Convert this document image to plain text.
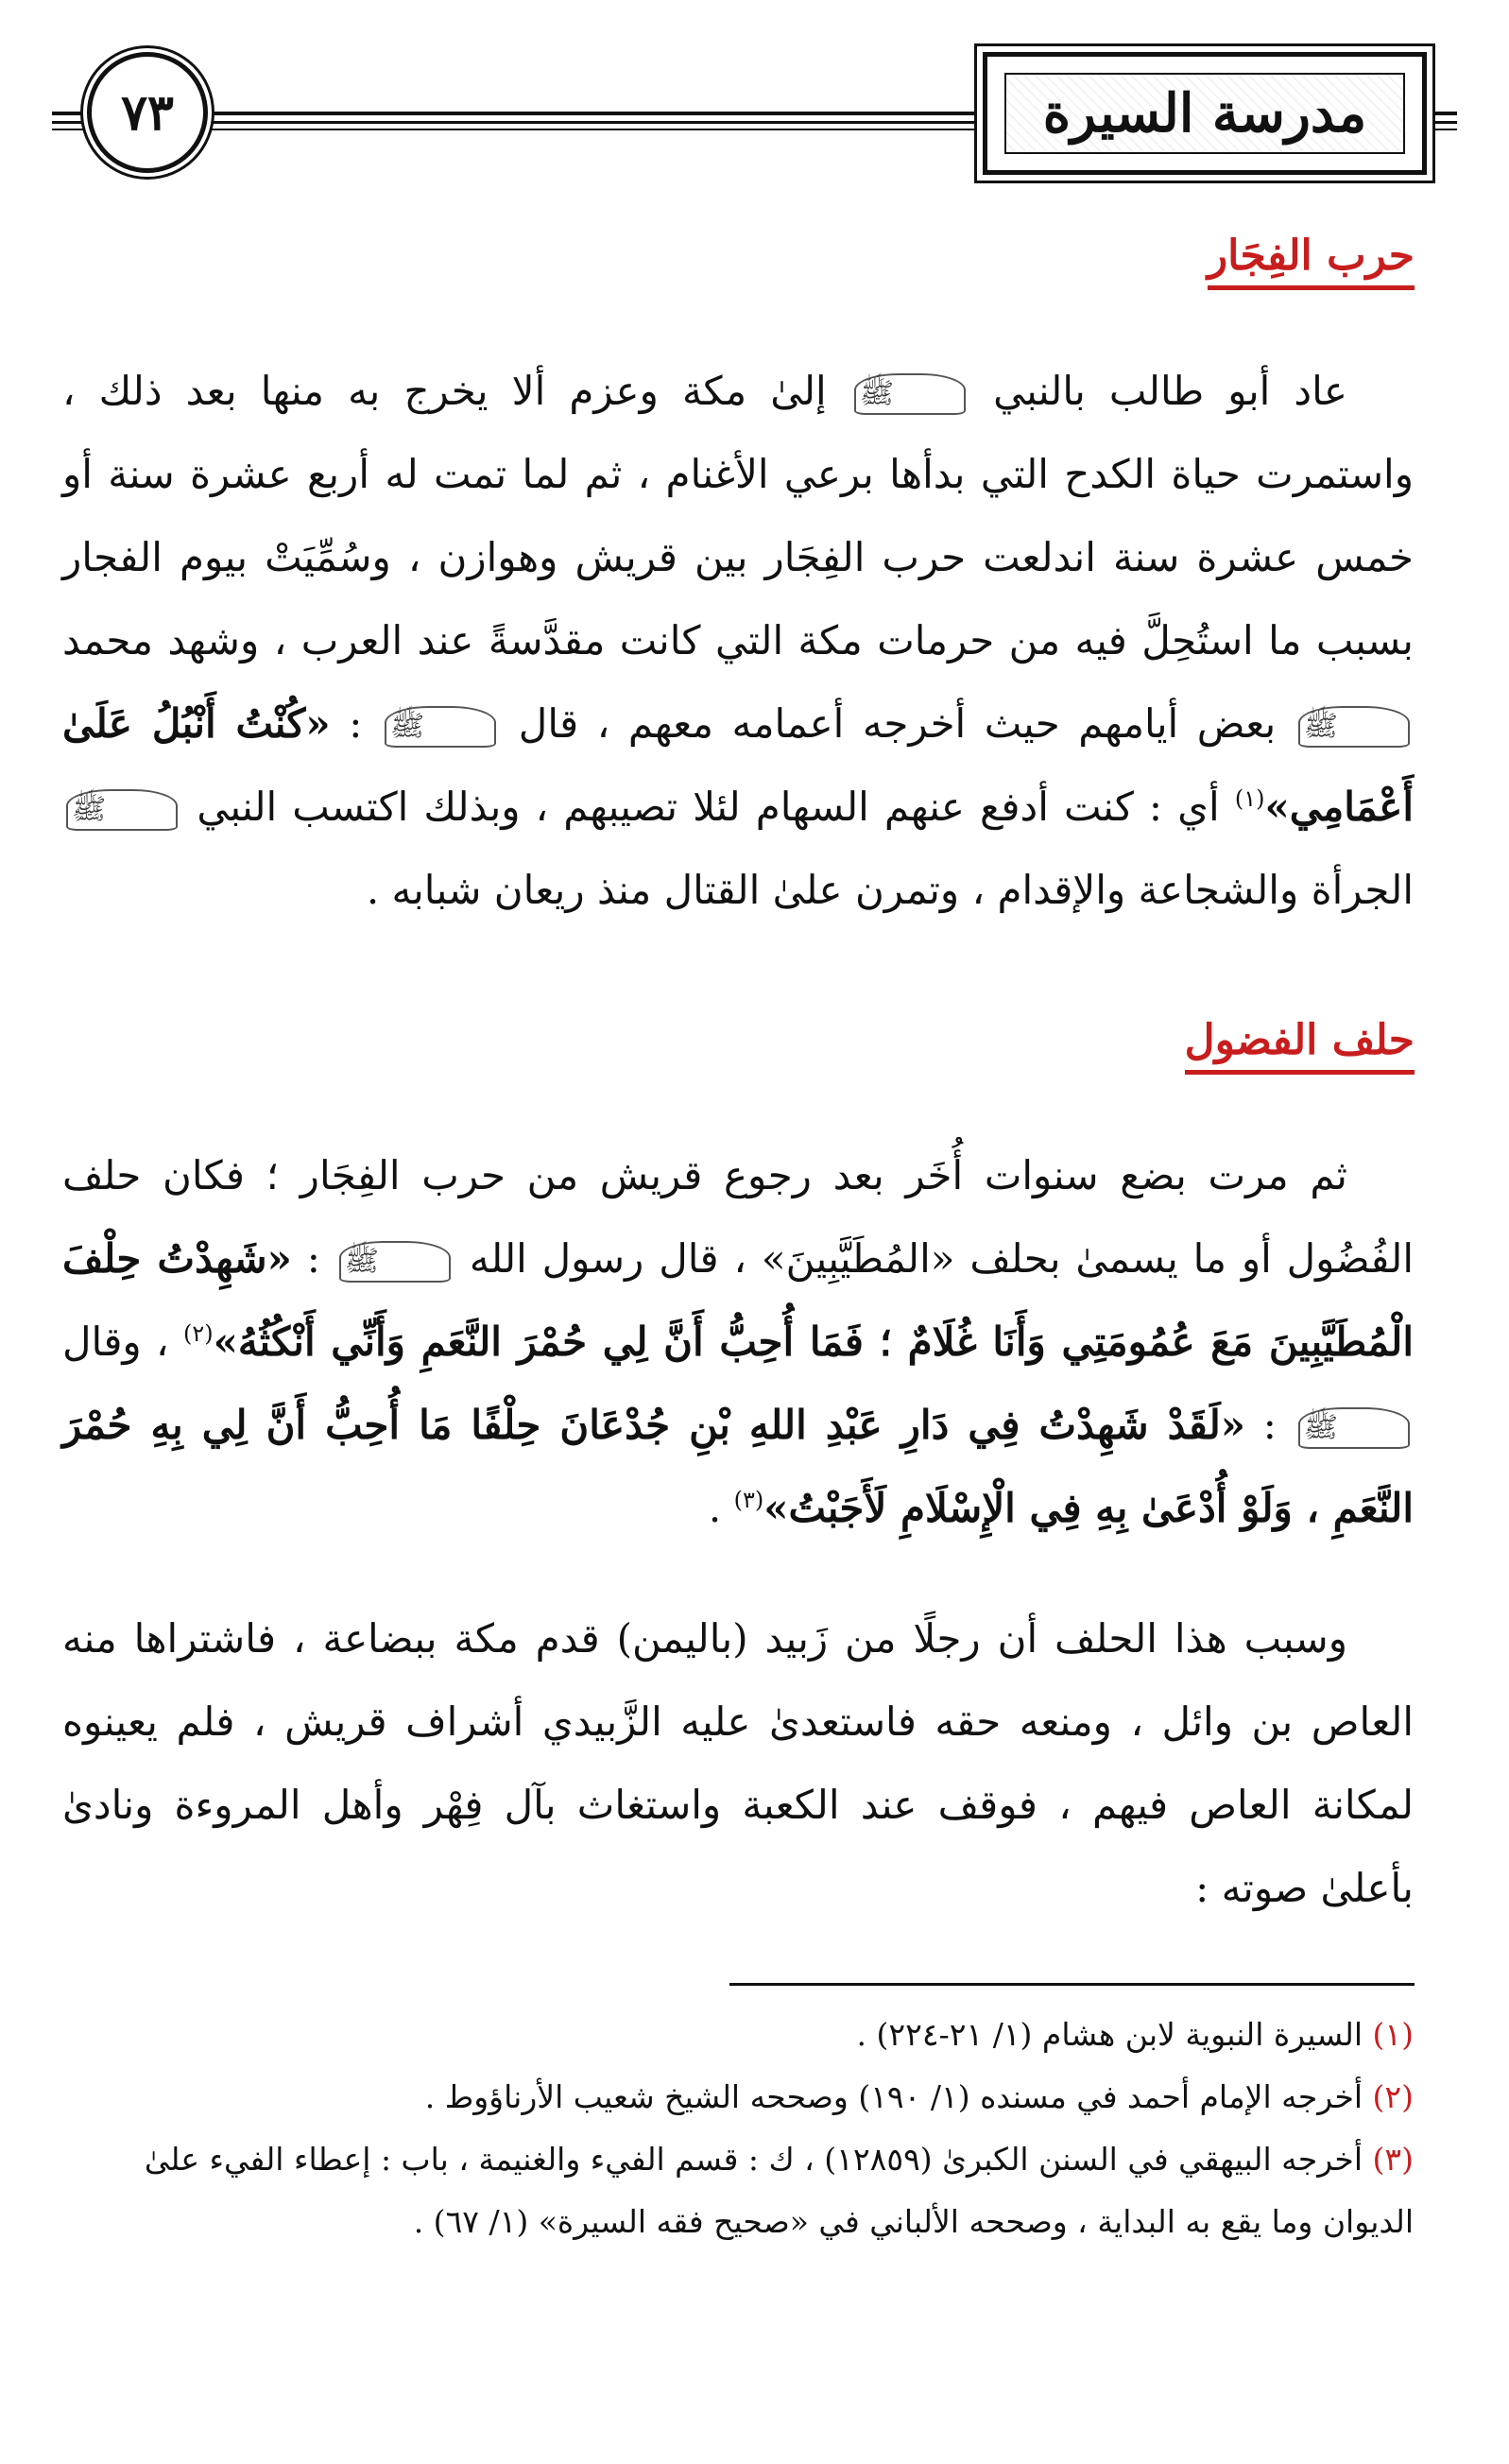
٧٣	مدرسة السيرة
حرب الفِجَار

عاد أبو طالب بالنبي ﷺ إلىٰ مكة وعزم ألا يخرج به منها بعد ذلك ، واستمرت حياة الكدح التي بدأها برعي الأغنام ، ثم لما تمت له أربع عشرة سنة أو خمس عشرة سنة اندلعت حرب الفِجَار بين قريش وهوازن ، وسُمِّيَتْ بيوم الفجار بسبب ما استُحِلَّ فيه من حرمات مكة التي كانت مقدَّسةً عند العرب ، وشهد محمد ﷺ بعض أيامهم حيث أخرجه أعمامه معهم ، قال ﷺ : «كُنْتُ أَنْبُلُ عَلَىٰ أَعْمَامِي»$^{(١)}$ أي : كنت أدفع عنهم السهام لئلا تصيبهم ، وبذلك اكتسب النبي ﷺ الجرأة والشجاعة والإقدام ، وتمرن علىٰ القتال منذ ريعان شبابه .

حلف الفضول

ثم مرت بضع سنوات أُخَر بعد رجوع قريش من حرب الفِجَار ؛ فكان حلف الفُضُول أو ما يسمىٰ بحلف «المُطَيَّبِينَ» ، قال رسول الله ﷺ : «شَهِدْتُ حِلْفَ الْمُطَيَّبِينَ مَعَ عُمُومَتِي وَأَنَا غُلَامٌ ؛ فَمَا أُحِبُّ أَنَّ لِي حُمْرَ النَّعَمِ وَأَنِّي أَنْكُثُهُ»$^{(٢)}$ ، وقال ﷺ : «لَقَدْ شَهِدْتُ فِي دَارِ عَبْدِ اللهِ بْنِ جُدْعَانَ حِلْفًا مَا أُحِبُّ أَنَّ لِي بِهِ حُمْرَ النَّعَمِ ، وَلَوْ أُدْعَىٰ بِهِ فِي الْإِسْلَامِ لَأَجَبْتُ»$^{(٣)}$ .

وسبب هذا الحلف أن رجلًا من زَبيد (باليمن) قدم مكة ببضاعة ، فاشتراها منه العاص بن وائل ، ومنعه حقه فاستعدىٰ عليه الزَّبيدي أشراف قريش ، فلم يعينوه لمكانة العاص فيهم ، فوقف عند الكعبة واستغاث بآل فِهْر وأهل المروءة ونادىٰ بأعلىٰ صوته :

(١) السيرة النبوية لابن هشام (١/ ٢١-٢٢٤) .

(٢) أخرجه الإمام أحمد في مسنده (١/ ١٩٠) وصححه الشيخ شعيب الأرناؤوط .

(٣) أخرجه البيهقي في السنن الكبرىٰ (١٢٨٥٩) ، ك : قسم الفيء والغنيمة ، باب : إعطاء الفيء علىٰ الديوان وما يقع به البداية ، وصححه الألباني في «صحيح فقه السيرة» (١/ ٦٧) .
